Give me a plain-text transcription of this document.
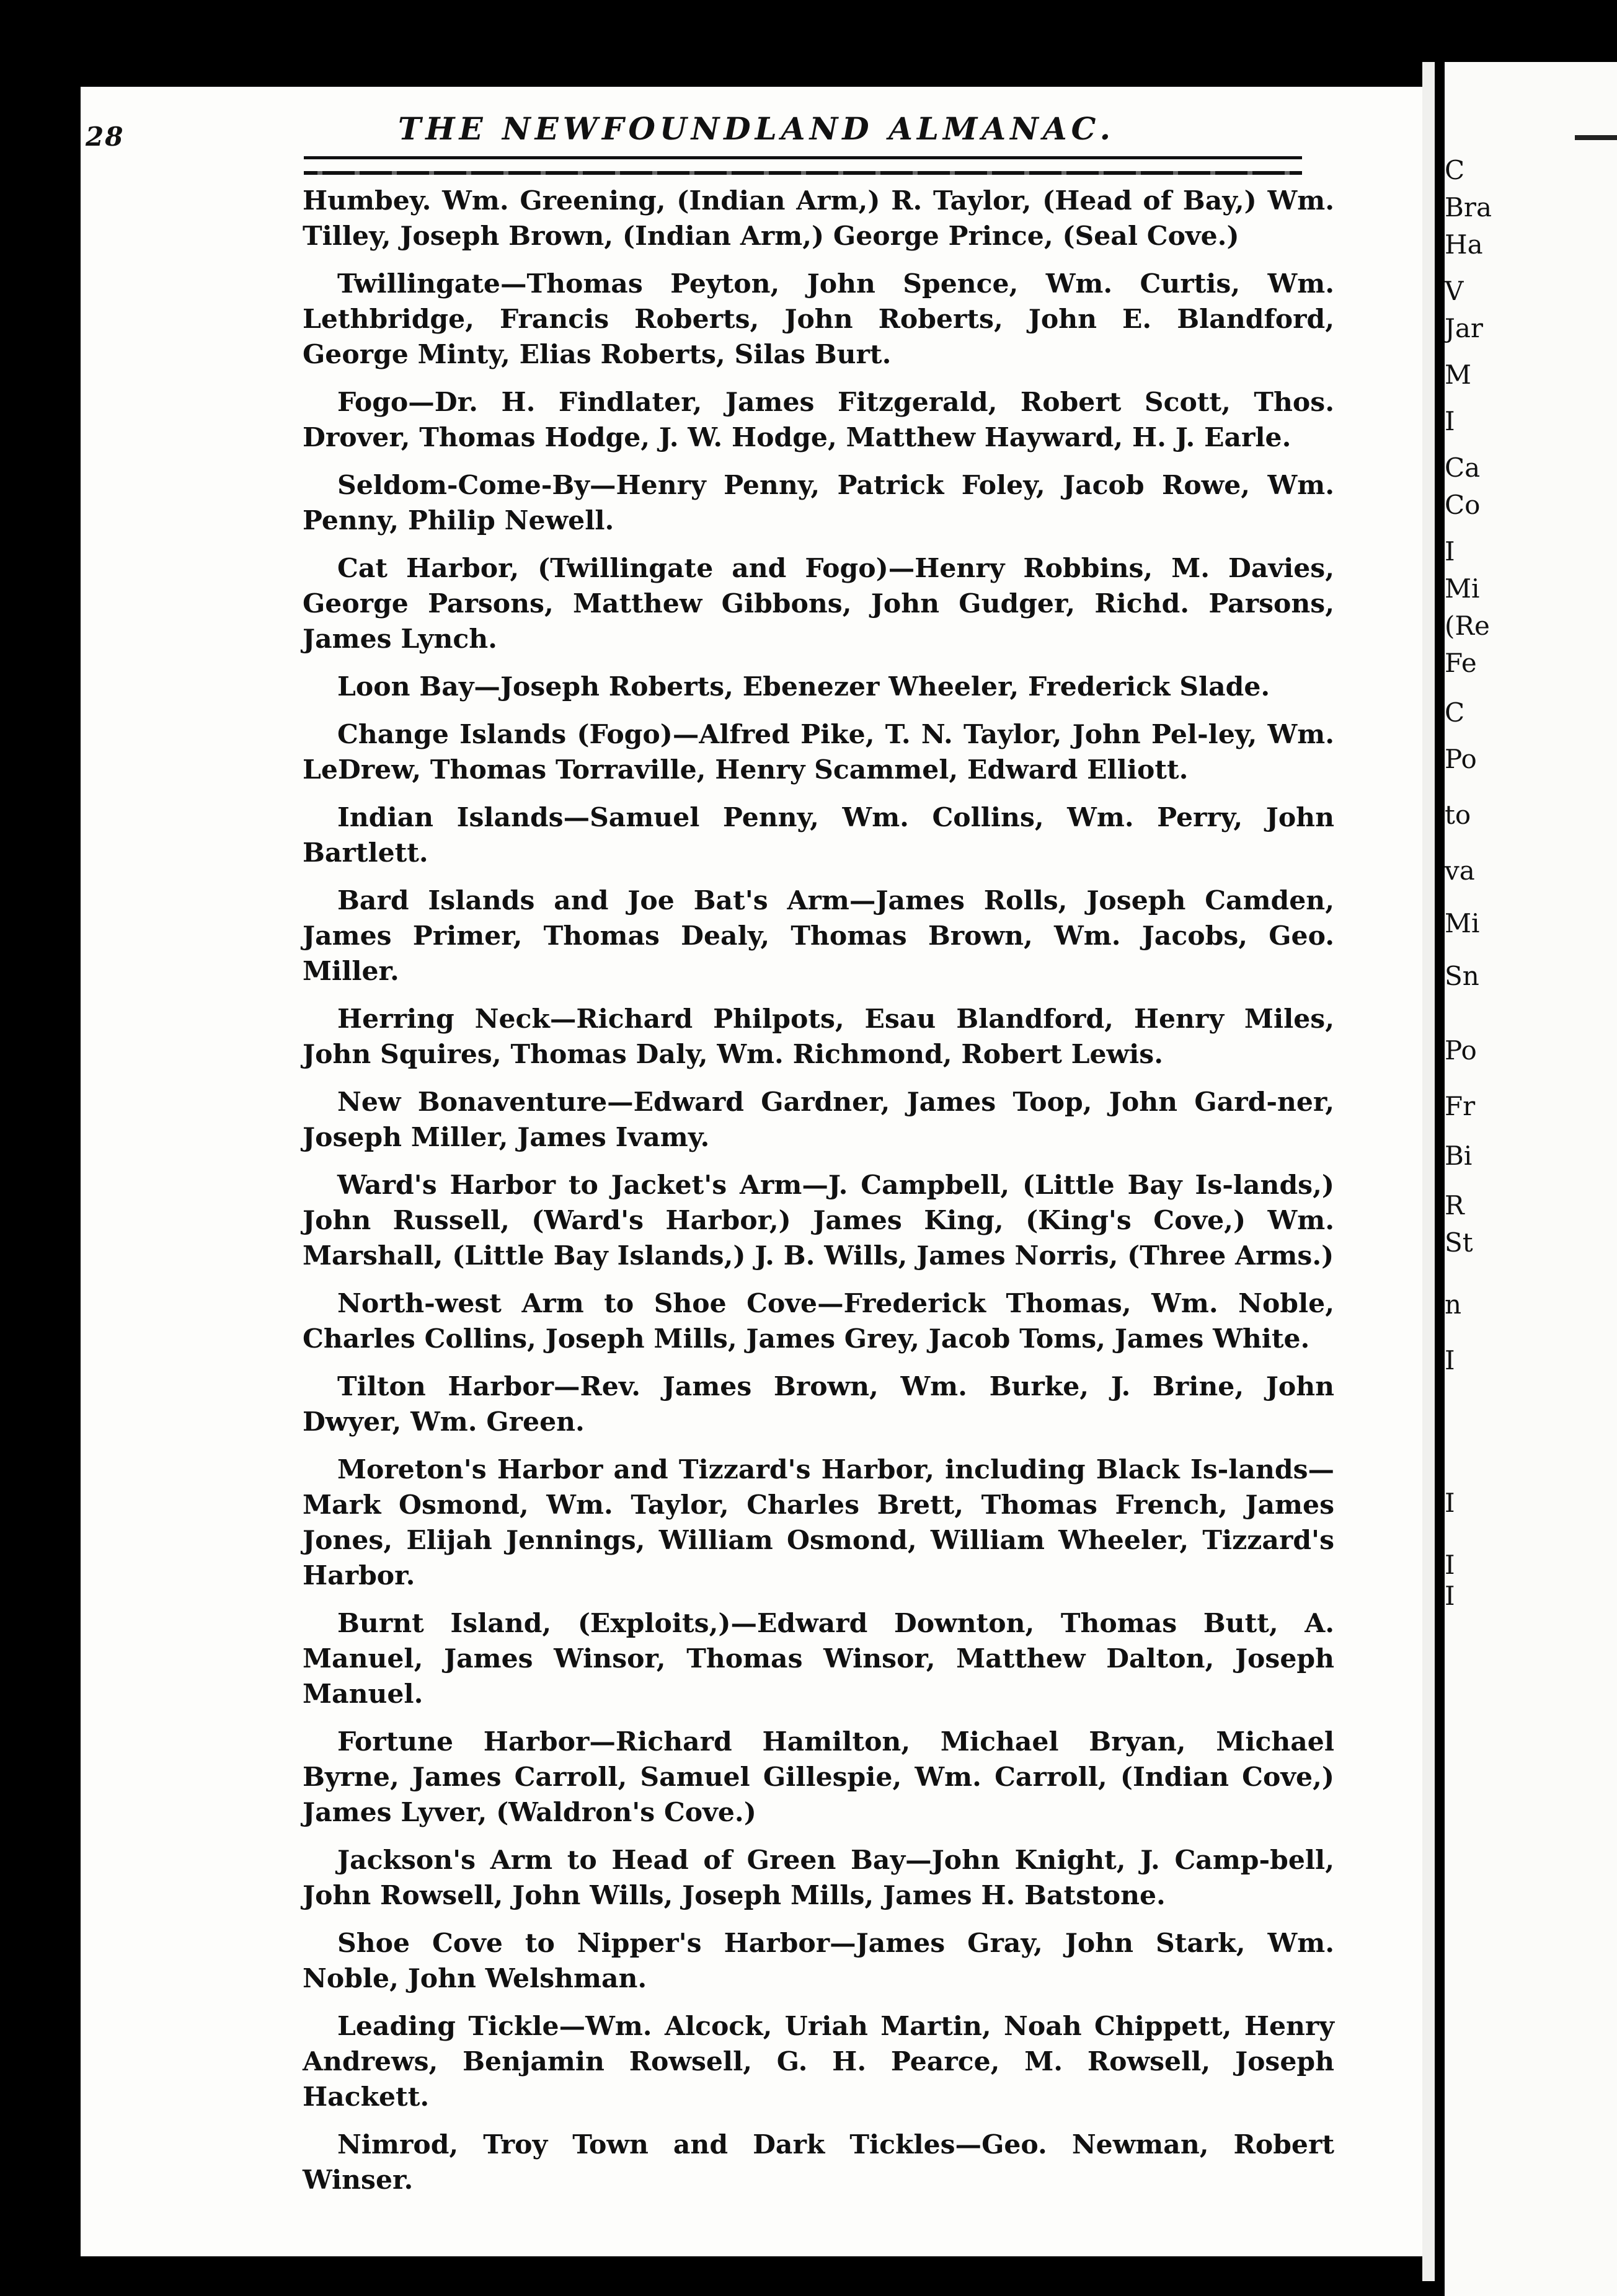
C
Bra
Ha
V
Jar
M
I
Ca
Co
I
Mi
(Re
Fe
C
Po
to
va
Mi
Sn
Po
Fr
Bi
R
St
n
I
I
I
I
28	THE NEWFOUNDLAND ALMANAC.

Humbey. Wm. Greening, (Indian Arm,) R. Taylor, (Head of Bay,) Wm. Tilley, Joseph Brown, (Indian Arm,) George Prince, (Seal Cove.)

Twillingate—Thomas Peyton, John Spence, Wm. Curtis, Wm. Lethbridge, Francis Roberts, John Roberts, John E. Blandford, George Minty, Elias Roberts, Silas Burt.

Fogo—Dr. H. Findlater, James Fitzgerald, Robert Scott, Thos. Drover, Thomas Hodge, J. W. Hodge, Matthew Hayward, H. J. Earle.

Seldom-Come-By—Henry Penny, Patrick Foley, Jacob Rowe, Wm. Penny, Philip Newell.

Cat Harbor, (Twillingate and Fogo)—Henry Robbins, M. Davies, George Parsons, Matthew Gibbons, John Gudger, Richd. Parsons, James Lynch.

Loon Bay—Joseph Roberts, Ebenezer Wheeler, Frederick Slade.

Change Islands (Fogo)—Alfred Pike, T. N. Taylor, John Pel-ley, Wm. LeDrew, Thomas Torraville, Henry Scammel, Edward Elliott.

Indian Islands—Samuel Penny, Wm. Collins, Wm. Perry, John Bartlett.

Bard Islands and Joe Bat's Arm—James Rolls, Joseph Camden, James Primer, Thomas Dealy, Thomas Brown, Wm. Jacobs, Geo. Miller.

Herring Neck—Richard Philpots, Esau Blandford, Henry Miles, John Squires, Thomas Daly, Wm. Richmond, Robert Lewis.

New Bonaventure—Edward Gardner, James Toop, John Gard-ner, Joseph Miller, James Ivamy.

Ward's Harbor to Jacket's Arm—J. Campbell, (Little Bay Is-lands,) John Russell, (Ward's Harbor,) James King, (King's Cove,) Wm. Marshall, (Little Bay Islands,) J. B. Wills, James Norris, (Three Arms.)

North-west Arm to Shoe Cove—Frederick Thomas, Wm. Noble, Charles Collins, Joseph Mills, James Grey, Jacob Toms, James White.

Tilton Harbor—Rev. James Brown, Wm. Burke, J. Brine, John Dwyer, Wm. Green.

Moreton's Harbor and Tizzard's Harbor, including Black Is-lands—Mark Osmond, Wm. Taylor, Charles Brett, Thomas French, James Jones, Elijah Jennings, William Osmond, William Wheeler, Tizzard's Harbor.

Burnt Island, (Exploits,)—Edward Downton, Thomas Butt, A. Manuel, James Winsor, Thomas Winsor, Matthew Dalton, Joseph Manuel.

Fortune Harbor—Richard Hamilton, Michael Bryan, Michael Byrne, James Carroll, Samuel Gillespie, Wm. Carroll, (Indian Cove,) James Lyver, (Waldron's Cove.)

Jackson's Arm to Head of Green Bay—John Knight, J. Camp-bell, John Rowsell, John Wills, Joseph Mills, James H. Batstone.

Shoe Cove to Nipper's Harbor—James Gray, John Stark, Wm. Noble, John Welshman.

Leading Tickle—Wm. Alcock, Uriah Martin, Noah Chippett, Henry Andrews, Benjamin Rowsell, G. H. Pearce, M. Rowsell, Joseph Hackett.

Nimrod, Troy Town and Dark Tickles—Geo. Newman, Robert Winser.
